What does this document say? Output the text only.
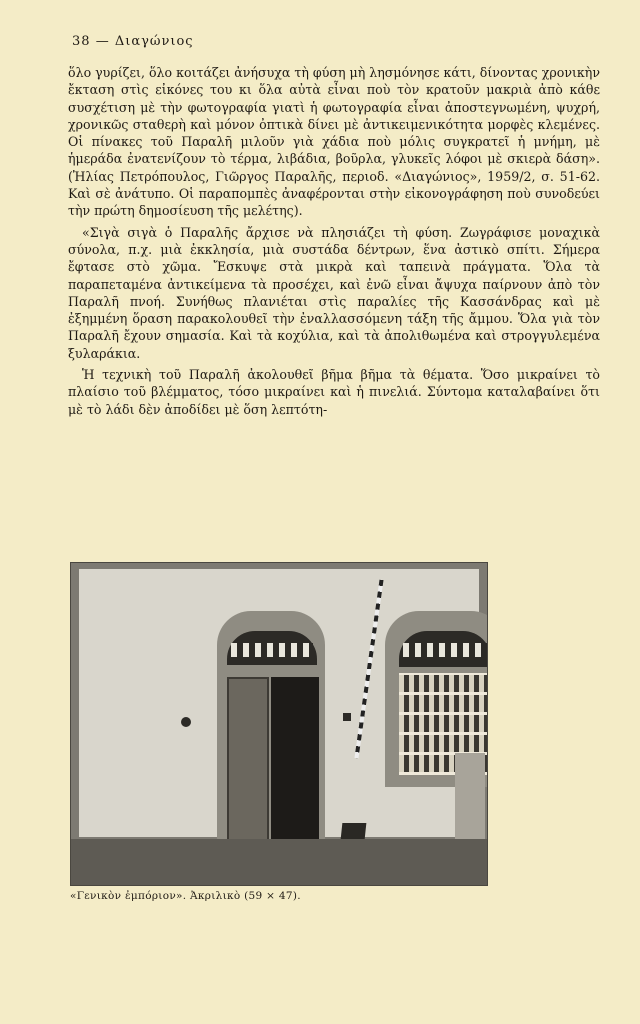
38 — Διαγώνιος

ὅλο γυρίζει, ὅλο κοιτάζει ἀνήσυχα τὴ φύση μὴ λησμόνησε κάτι, δίνοντας χρονικὴν ἔκταση στὶς εἰκόνες του κι ὅλα αὐτὰ εἶναι ποὺ τὸν κρατοῦν μακριὰ ἀπὸ κάθε συσχέτιση μὲ τὴν φωτογραφία γιατὶ ἡ φωτογραφία εἶναι ἀποστεγνωμένη, ψυχρή, χρονικῶς σταθερὴ καὶ μόνον ὀπτικὰ δίνει μὲ ἀντικειμενικότητα μορφὲς κλεμένες. Οἱ πίνακες τοῦ Παραλῆ μιλοῦν γιὰ χάδια ποὺ μόλις συγκρατεῖ ἡ μνήμη, μὲ ἡμεράδα ἐνατενίζουν τὸ τέρμα, λιβάδια, βοῦρλα, γλυκεῖς λόφοι μὲ σκιερὰ δάση». (Ἠλίας Πετρόπουλος, Γιῶργος Παραλῆς, περιοδ. «Διαγώνιος», 1959/2, σ. 51-62. Καὶ σὲ ἀνάτυπο. Οἱ παραπομπὲς ἀναφέρονται στὴν εἰκονογράφηση ποὺ συνοδεύει τὴν πρώτη δημοσίευση τῆς μελέτης).

«Σιγὰ σιγὰ ὁ Παραλῆς ἄρχισε νὰ πλησιάζει τὴ φύση. Ζωγράφισε μοναχικὰ σύνολα, π.χ. μιὰ ἐκκλησία, μιὰ συστάδα δέντρων, ἕνα ἀστικὸ σπίτι. Σήμερα ἔφτασε στὸ χῶμα. Ἔσκυψε στὰ μικρὰ καὶ ταπεινὰ πράγματα. Ὅλα τὰ παραπεταμένα ἀντικείμενα τὰ προσέχει, καὶ ἐνῶ εἶναι ἄψυχα παίρνουν ἀπὸ τὸν Παραλῆ πνοή. Συνήθως πλανιέται στὶς παραλίες τῆς Κασσάνδρας καὶ μὲ ἐξημμένη ὅραση παρακολουθεῖ τὴν ἐναλλασσόμενη τάξη τῆς ἄμμου. Ὅλα γιὰ τὸν Παραλῆ ἔχουν σημασία. Καὶ τὰ κοχύλια, καὶ τὰ ἀπολιθωμένα καὶ στρογγυλεμένα ξυλαράκια.

Ἡ τεχνικὴ τοῦ Παραλῆ ἀκολουθεῖ βῆμα βῆμα τὰ θέματα. Ὅσο μικραίνει τὸ πλαίσιο τοῦ βλέμματος, τόσο μικραίνει καὶ ἡ πινελιά. Σύντομα καταλαβαίνει ὅτι μὲ τὸ λάδι δὲν ἀποδίδει μὲ ὅση λεπτότη-

«Γενικὸν ἐμπόριον». Ἀκριλικὸ (59 × 47).
